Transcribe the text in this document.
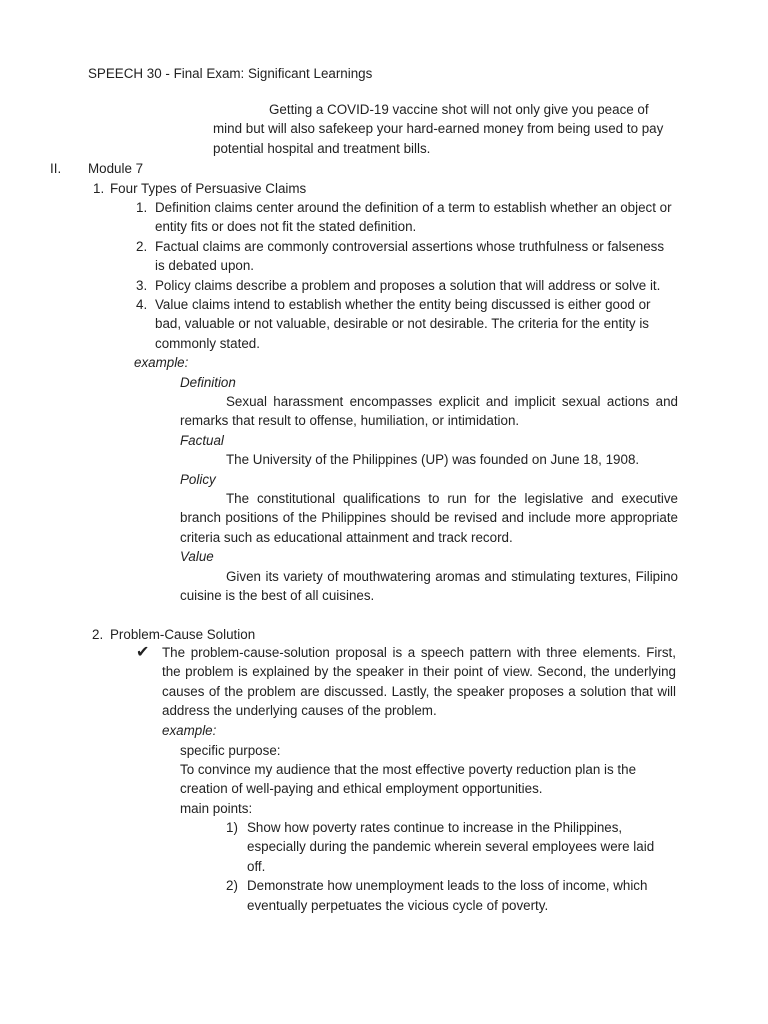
SPEECH 30 - Final Exam: Significant Learnings

Getting a COVID-19 vaccine shot will not only give you peace of mind but will also safekeep your hard-earned money from being used to pay potential hospital and treatment bills.

II. Module 7
1. Four Types of Persuasive Claims
1. Definition claims center around the definition of a term to establish whether an object or entity fits or does not fit the stated definition.
2. Factual claims are commonly controversial assertions whose truthfulness or falseness is debated upon.
3. Policy claims describe a problem and proposes a solution that will address or solve it.
4. Value claims intend to establish whether the entity being discussed is either good or bad, valuable or not valuable, desirable or not desirable. The criteria for the entity is commonly stated.
example:
Definition
Sexual harassment encompasses explicit and implicit sexual actions and remarks that result to offense, humiliation, or intimidation.
Factual
The University of the Philippines (UP) was founded on June 18, 1908.
Policy
The constitutional qualifications to run for the legislative and executive branch positions of the Philippines should be revised and include more appropriate criteria such as educational attainment and track record.
Value
Given its variety of mouthwatering aromas and stimulating textures, Filipino cuisine is the best of all cuisines.
2. Problem-Cause Solution
✔ The problem-cause-solution proposal is a speech pattern with three elements. First, the problem is explained by the speaker in their point of view. Second, the underlying causes of the problem are discussed. Lastly, the speaker proposes a solution that will address the underlying causes of the problem.
example:
specific purpose:
To convince my audience that the most effective poverty reduction plan is the creation of well-paying and ethical employment opportunities.
main points:
1) Show how poverty rates continue to increase in the Philippines, especially during the pandemic wherein several employees were laid off.
2) Demonstrate how unemployment leads to the loss of income, which eventually perpetuates the vicious cycle of poverty.
